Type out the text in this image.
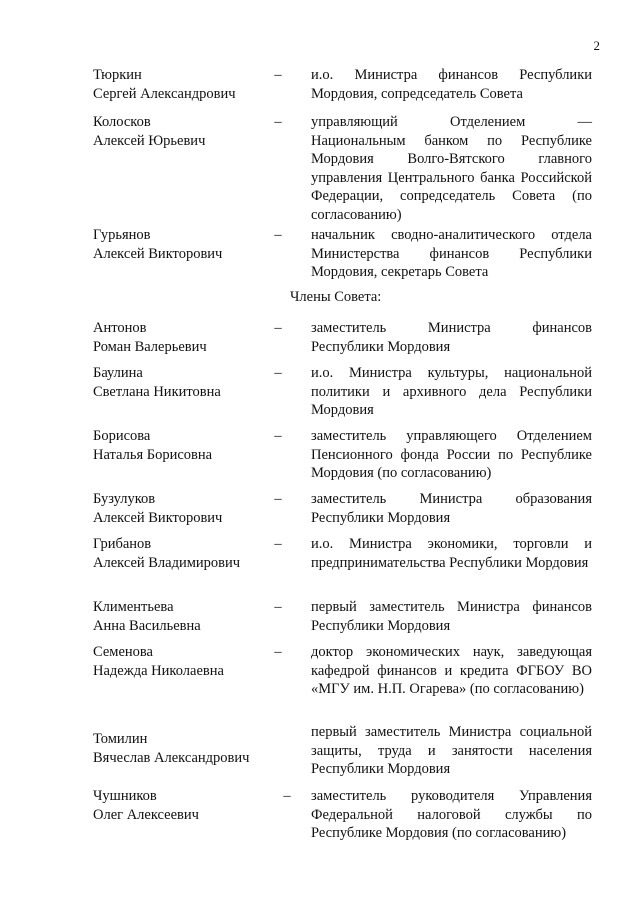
2
Тюркин
Сергей Александрович
– и.о. Министра финансов Республики Мордовия, сопредседатель Совета
Колосков
Алексей Юрьевич
– управляющий Отделением — Национальным банком по Республике Мордовия Волго-Вятского главного управления Центрального банка Российской Федерации, сопредседатель Совета (по согласованию)
Гурьянов
Алексей Викторович
– начальник сводно-аналитического отдела Министерства финансов Республики Мордовия, секретарь Совета
Члены Совета:
Антонов
Роман Валерьевич
– заместитель Министра финансов Республики Мордовия
Баулина
Светлана Никитовна
– и.о. Министра культуры, национальной политики и архивного дела Республики Мордовия
Борисова
Наталья Борисовна
– заместитель управляющего Отделением Пенсионного фонда России по Республике Мордовия (по согласованию)
Бузулуков
Алексей Викторович
– заместитель Министра образования Республики Мордовия
Грибанов
Алексей Владимирович
– и.о. Министра экономики, торговли и предпринимательства Республики Мордовия
Климентьева
Анна Васильевна
– первый заместитель Министра финансов Республики Мордовия
Семенова
Надежда Николаевна
– доктор экономических наук, заведующая кафедрой финансов и кредита ФГБОУ ВО «МГУ им. Н.П. Огарева» (по согласованию)
Томилин
Вячеслав Александрович
первый заместитель Министра социальной защиты, труда и занятости населения Республики Мордовия
Чушников
Олег Алексеевич
– заместитель руководителя Управления Федеральной налоговой службы по Республике Мордовия (по согласованию)
